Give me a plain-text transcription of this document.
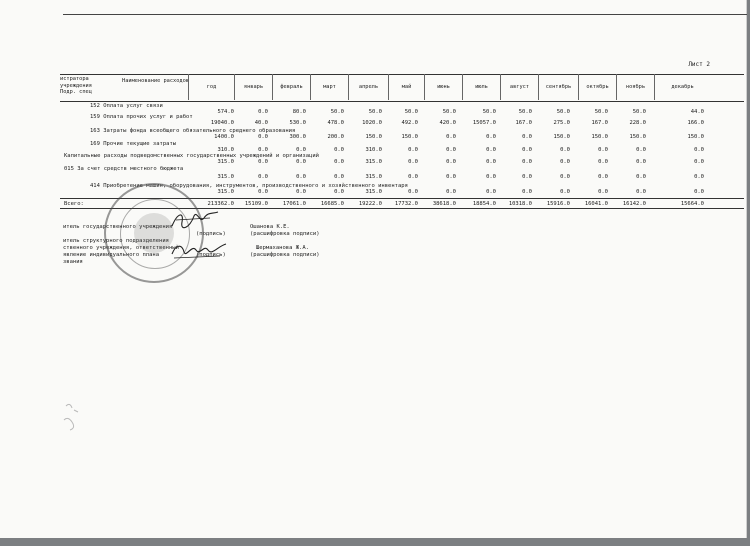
Лист 2
истратора
учреждения
Подр. спец
Наименование расходов
год	январь	февраль	март	апрель	май	июнь	июль	август	сентябрь	октябрь	ноябрь	декабрь
152 Оплата услуг связи
574.0	0.0	80.0	50.0	50.0	50.0	50.0	50.0	50.0	50.0	50.0	50.0	44.0
159 Оплата прочих услуг и работ
19040.0	40.0	530.0	478.0	1020.0	492.0	420.0	15057.0	167.0	275.0	167.0	228.0	166.0
163 Затраты фонда всеобщего обязательного среднего образования
1400.0	0.0	300.0	200.0	150.0	150.0	0.0	0.0	0.0	150.0	150.0	150.0	150.0
169 Прочие текущие затраты
310.0	0.0	0.0	0.0	310.0	0.0	0.0	0.0	0.0	0.0	0.0	0.0	0.0
Капитальные расходы подведомственных государственных учреждений и организаций
315.0	0.0	0.0	0.0	315.0	0.0	0.0	0.0	0.0	0.0	0.0	0.0	0.0
015 За счет средств местного бюджета
315.0	0.0	0.0	0.0	315.0	0.0	0.0	0.0	0.0	0.0	0.0	0.0	0.0
414 Приобретение машин, оборудования, инструментов, производственного и хозяйственного инвентаря
315.0	0.0	0.0	0.0	315.0	0.0	0.0	0.0	0.0	0.0	0.0	0.0	0.0
Всего:	213362.0	15109.0	17061.0	16685.0	19222.0	17732.0	38618.0	18854.0	10318.0	15916.0	16041.0	16142.0	15664.0
итель государственного учреждения	Ошанова К.Е.
(подпись)	(расшифровка подписи)
итель структурного подразделения
ственного учреждения, ответственный
явление индивидуального плана
звания
Шермаханова Ж.А.
(подпись)	(расшифровка подписи)
